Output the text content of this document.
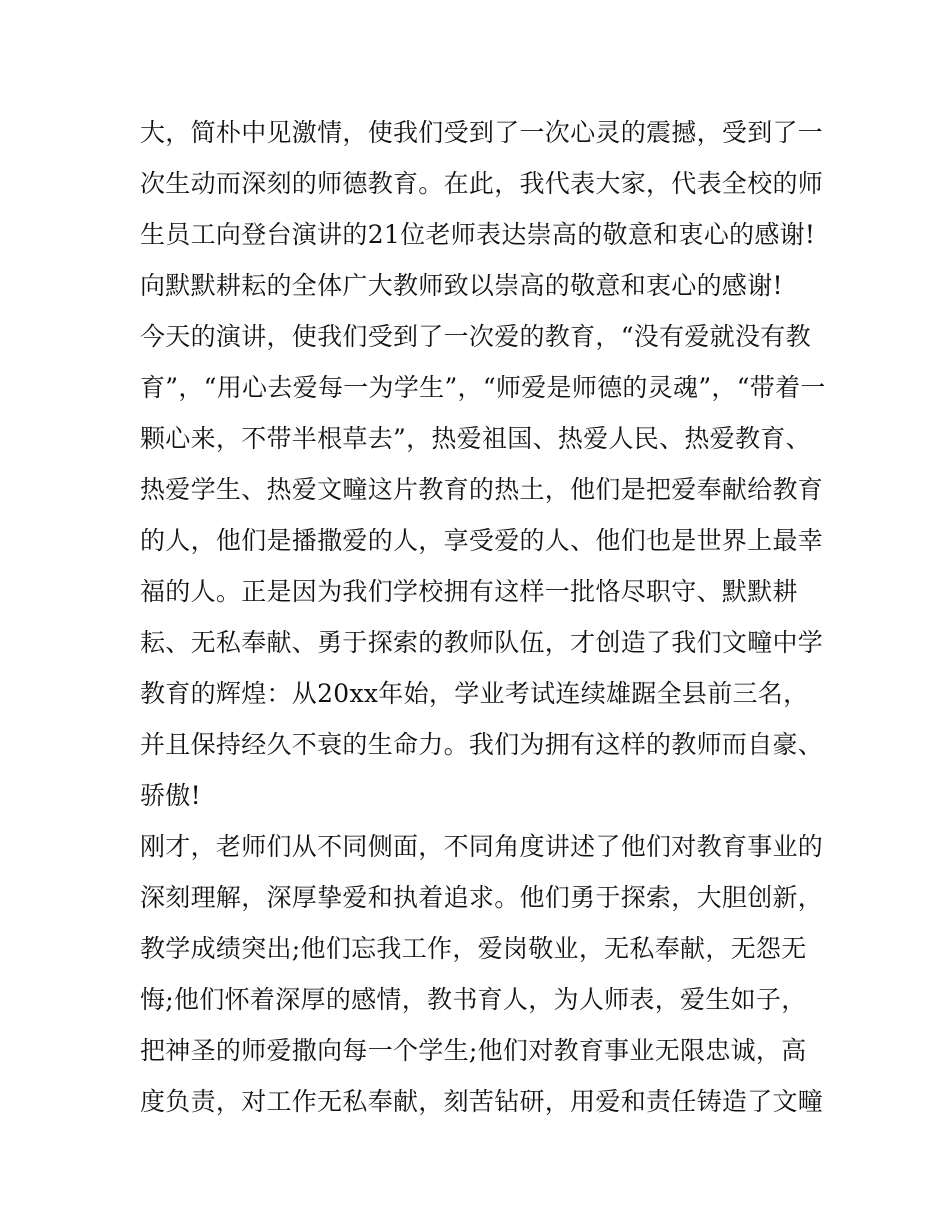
大，简朴中见激情，使我们受到了一次心灵的震撼，受到了一
次生动而深刻的师德教育。在此，我代表大家，代表全校的师
生员工向登台演讲的21位老师表达崇高的敬意和衷心的感谢!
向默默耕耘的全体广大教师致以崇高的敬意和衷心的感谢!
今天的演讲，使我们受到了一次爱的教育，“没有爱就没有教
育”，“用心去爱每一为学生”，“师爱是师德的灵魂”，“带着一
颗心来，不带半根草去”，热爱祖国、热爱人民、热爱教育、
热爱学生、热爱文疃这片教育的热土，他们是把爱奉献给教育
的人，他们是播撒爱的人，享受爱的人、他们也是世界上最幸
福的人。正是因为我们学校拥有这样一批恪尽职守、默默耕
耘、无私奉献、勇于探索的教师队伍，才创造了我们文疃中学
教育的辉煌：从20xx年始，学业考试连续雄踞全县前三名，
并且保持经久不衰的生命力。我们为拥有这样的教师而自豪、
骄傲!
刚才，老师们从不同侧面，不同角度讲述了他们对教育事业的
深刻理解，深厚挚爱和执着追求。他们勇于探索，大胆创新，
教学成绩突出;他们忘我工作，爱岗敬业，无私奉献，无怨无
悔;他们怀着深厚的感情，教书育人，为人师表，爱生如子，
把神圣的师爱撒向每一个学生;他们对教育事业无限忠诚，高
度负责，对工作无私奉献，刻苦钻研，用爱和责任铸造了文疃
